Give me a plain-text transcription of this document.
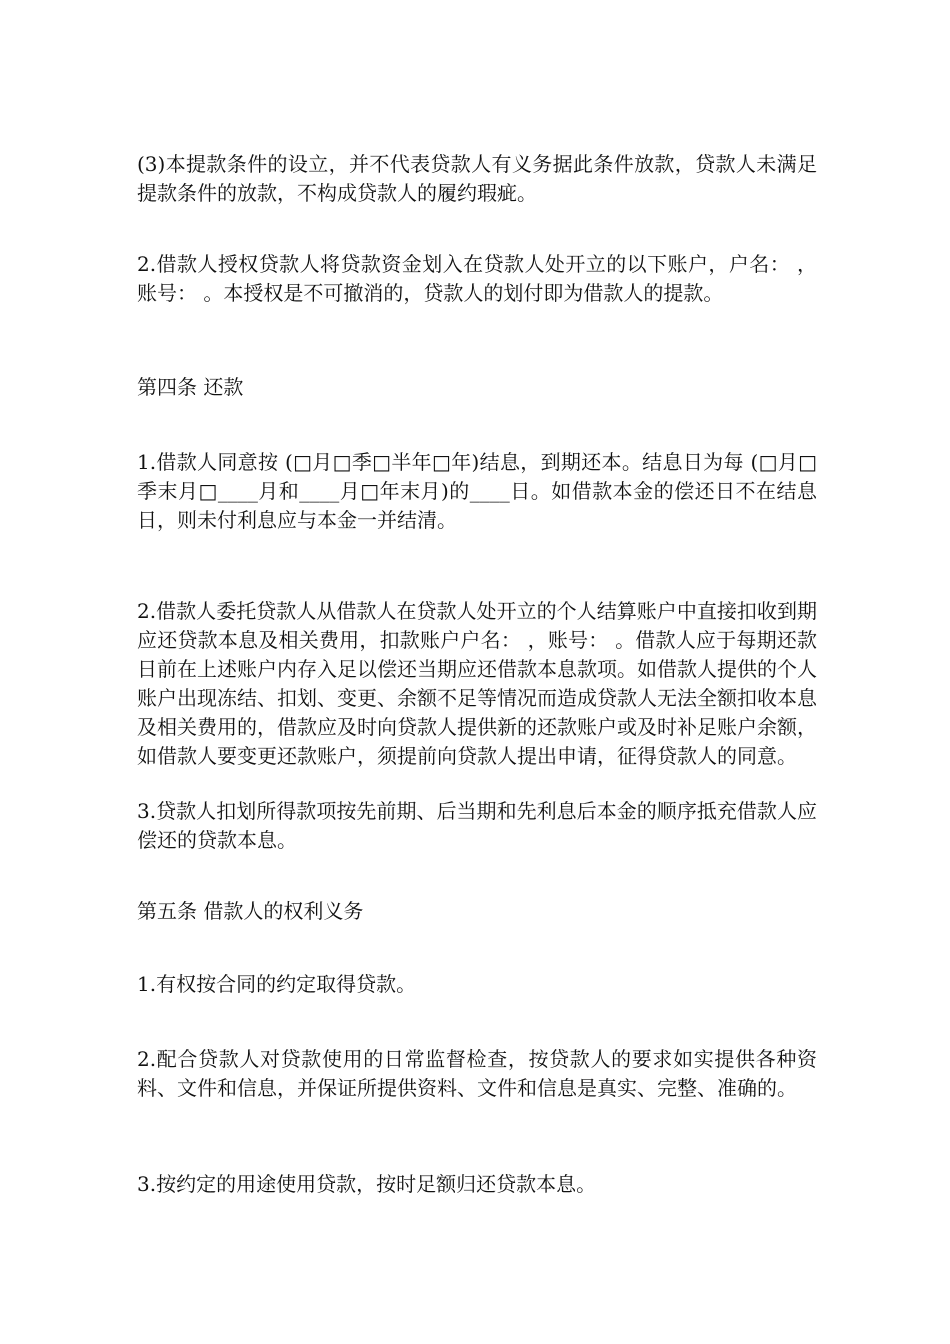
(3)本提款条件的设立，并不代表贷款人有义务据此条件放款，贷款人未满足提款条件的放款，不构成贷款人的履约瑕疵。

2.借款人授权贷款人将贷款资金划入在贷款人处开立的以下账户，户名： ，账号： 。本授权是不可撤消的，贷款人的划付即为借款人的提款。

第四条 还款

1.借款人同意按 (□月□季□半年□年)结息，到期还本。结息日为每 (□月□季末月□____月和____月□年末月)的____日。如借款本金的偿还日不在结息日，则未付利息应与本金一并结清。

2.借款人委托贷款人从借款人在贷款人处开立的个人结算账户中直接扣收到期应还贷款本息及相关费用，扣款账户户名： ，账号： 。借款人应于每期还款日前在上述账户内存入足以偿还当期应还借款本息款项。如借款人提供的个人账户出现冻结、扣划、变更、余额不足等情况而造成贷款人无法全额扣收本息及相关费用的，借款应及时向贷款人提供新的还款账户或及时补足账户余额，如借款人要变更还款账户，须提前向贷款人提出申请，征得贷款人的同意。

3.贷款人扣划所得款项按先前期、后当期和先利息后本金的顺序抵充借款人应偿还的贷款本息。

第五条 借款人的权利义务

1.有权按合同的约定取得贷款。

2.配合贷款人对贷款使用的日常监督检查，按贷款人的要求如实提供各种资料、文件和信息，并保证所提供资料、文件和信息是真实、完整、准确的。

3.按约定的用途使用贷款，按时足额归还贷款本息。
